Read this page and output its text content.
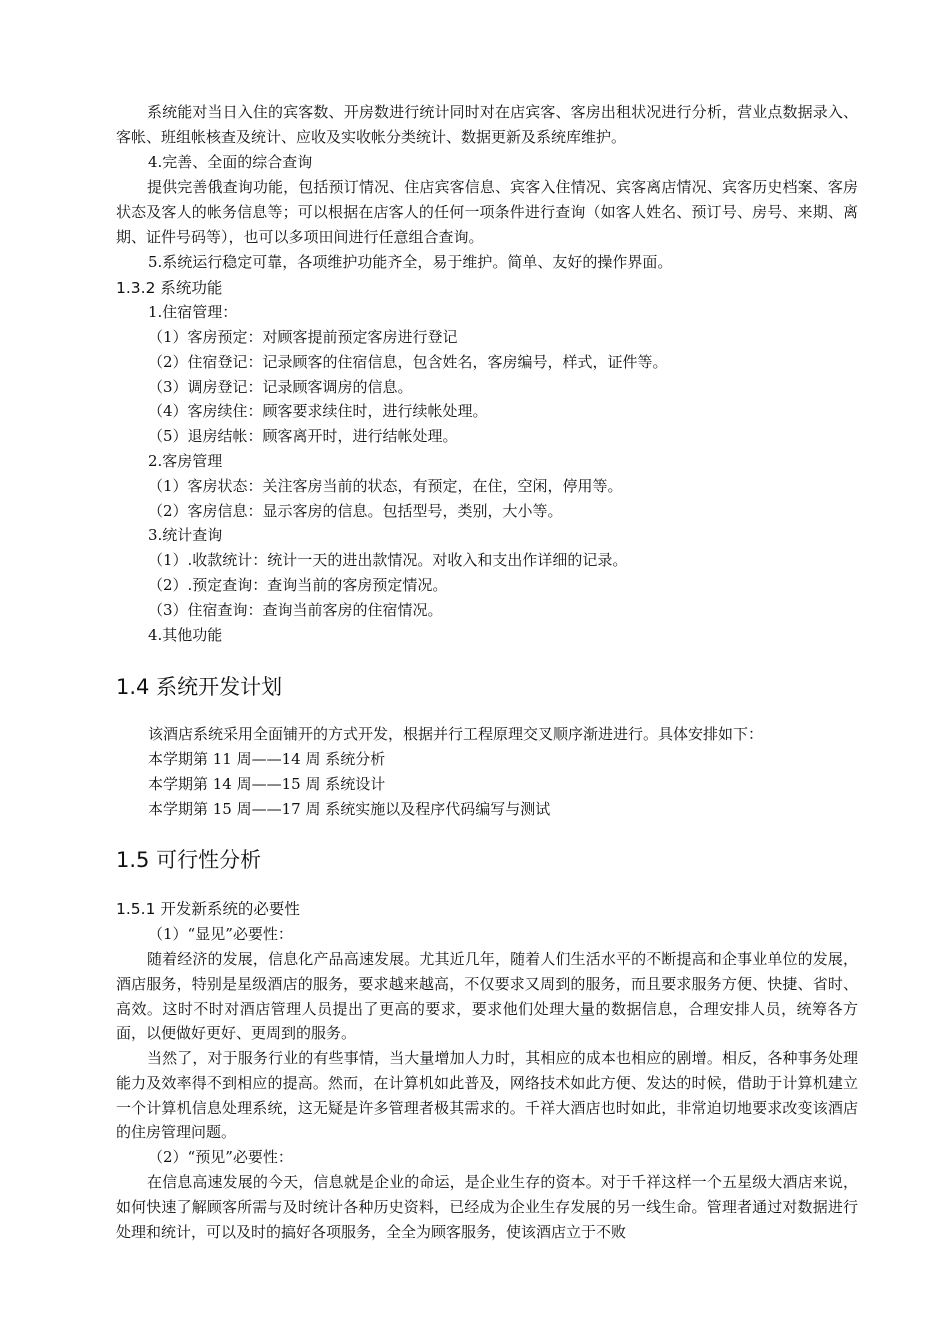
系统能对当日入住的宾客数、开房数进行统计同时对在店宾客、客房出租状况进行分析，营业点数据录入、客帐、班组帐核查及统计、应收及实收帐分类统计、数据更新及系统库维护。
4.完善、全面的综合查询
提供完善俄查询功能，包括预订情况、住店宾客信息、宾客入住情况、宾客离店情况、宾客历史档案、客房状态及客人的帐务信息等；可以根据在店客人的任何一项条件进行查询（如客人姓名、预订号、房号、来期、离期、证件号码等），也可以多项田间进行任意组合查询。
5.系统运行稳定可靠，各项维护功能齐全，易于维护。简单、友好的操作界面。
1.3.2 系统功能
1.住宿管理：
（1）客房预定：对顾客提前预定客房进行登记
（2）住宿登记：记录顾客的住宿信息，包含姓名，客房编号，样式，证件等。
（3）调房登记：记录顾客调房的信息。
（4）客房续住：顾客要求续住时，进行续帐处理。
（5）退房结帐：顾客离开时，进行结帐处理。
2.客房管理
（1）客房状态：关注客房当前的状态，有预定，在住，空闲，停用等。
（2）客房信息：显示客房的信息。包括型号，类别，大小等。
3.统计查询
（1）.收款统计：统计一天的进出款情况。对收入和支出作详细的记录。
（2）.预定查询：查询当前的客房预定情况。
（3）住宿查询：查询当前客房的住宿情况。
4.其他功能
1.4 系统开发计划
该酒店系统采用全面铺开的方式开发，根据并行工程原理交叉顺序渐进进行。具体安排如下：
本学期第 11 周——14 周 系统分析
本学期第 14 周——15 周 系统设计
本学期第 15 周——17 周 系统实施以及程序代码编写与测试
1.5 可行性分析
1.5.1 开发新系统的必要性
（1）“显见”必要性：
随着经济的发展，信息化产品高速发展。尤其近几年，随着人们生活水平的不断提高和企事业单位的发展，酒店服务，特别是星级酒店的服务，要求越来越高，不仅要求又周到的服务，而且要求服务方便、快捷、省时、高效。这时不时对酒店管理人员提出了更高的要求，要求他们处理大量的数据信息，合理安排人员，统筹各方面，以便做好更好、更周到的服务。
当然了，对于服务行业的有些事情，当大量增加人力时，其相应的成本也相应的剧增。相反，各种事务处理能力及效率得不到相应的提高。然而，在计算机如此普及，网络技术如此方便、发达的时候，借助于计算机建立一个计算机信息处理系统，这无疑是许多管理者极其需求的。千祥大酒店也时如此，非常迫切地要求改变该酒店的住房管理问题。
（2）“预见”必要性：
在信息高速发展的今天，信息就是企业的命运，是企业生存的资本。对于千祥这样一个五星级大酒店来说，如何快速了解顾客所需与及时统计各种历史资料，已经成为企业生存发展的另一线生命。管理者通过对数据进行处理和统计，可以及时的搞好各项服务，全全为顾客服务，使该酒店立于不败
